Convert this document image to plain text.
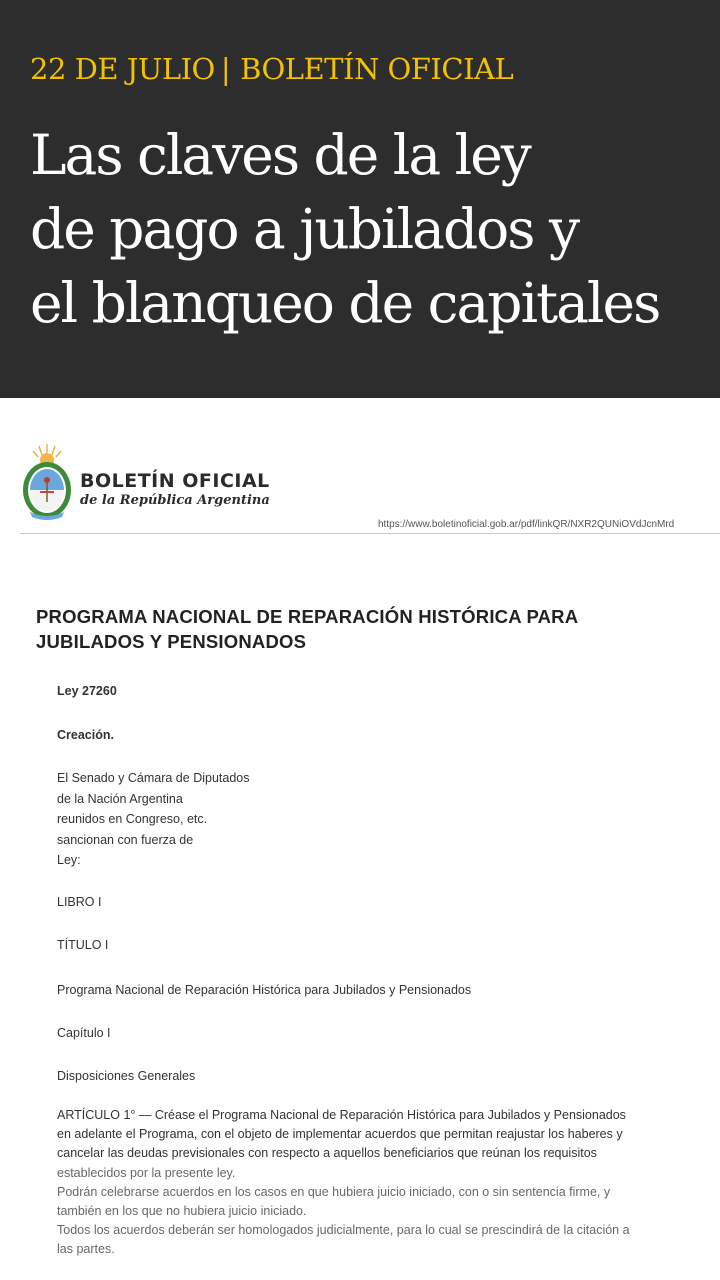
22 DE JULIO | BOLETÍN OFICIAL
Las claves de la ley
de pago a jubilados y
el blanqueo de capitales
BOLETÍN OFICIAL
de la República Argentina
https://www.boletinoficial.gob.ar/pdf/linkQR/NXR2QUNiOVdJcnMrd
PROGRAMA NACIONAL DE REPARACIÓN HISTÓRICA PARA
JUBILADOS Y PENSIONADOS
Ley 27260
Creación.
El Senado y Cámara de Diputados
de la Nación Argentina
reunidos en Congreso, etc.
sancionan con fuerza de
Ley:
LIBRO I
TÍTULO I
Programa Nacional de Reparación Histórica para Jubilados y Pensionados
Capítulo I
Disposiciones Generales
ARTÍCULO 1° — Créase el Programa Nacional de Reparación Histórica para Jubilados y Pensionados
en adelante el Programa, con el objeto de implementar acuerdos que permitan reajustar los haberes y
cancelar las deudas previsionales con respecto a aquellos beneficiarios que reúnan los requisitos
establecidos por la presente ley.
Podrán celebrarse acuerdos en los casos en que hubiera juicio iniciado, con o sin sentencia firme, y
también en los que no hubiera juicio iniciado.
Todos los acuerdos deberán ser homologados judicialmente, para lo cual se prescindirá de la citación a
las partes.
